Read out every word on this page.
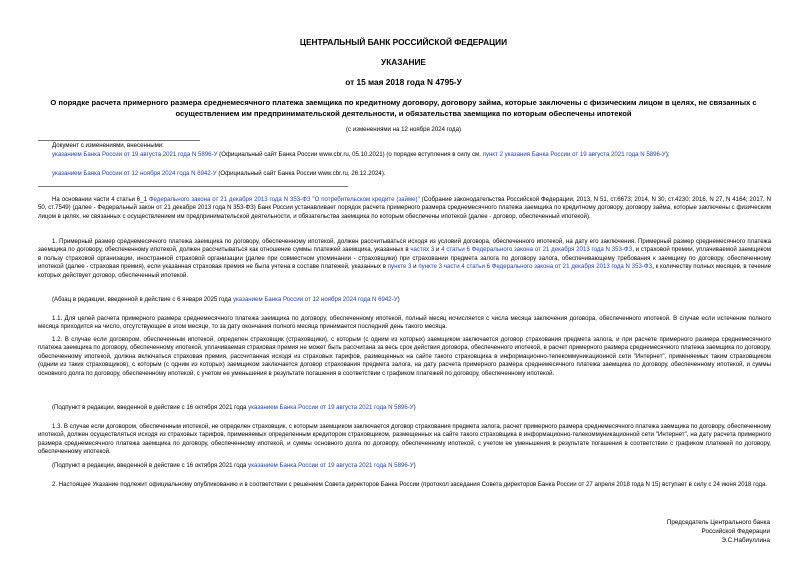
ЦЕНТРАЛЬНЫЙ БАНК РОССИЙСКОЙ ФЕДЕРАЦИИ
УКАЗАНИЕ
от 15 мая 2018 года N 4795-У
О порядке расчета примерного размера среднемесячного платежа заемщика по кредитному договору, договору займа, которые заключены с физическим лицом в целях, не связанных с осуществлением им предпринимательской деятельности, и обязательства заемщика по которым обеспечены ипотекой
(с изменениями на 12 ноября 2024 года)
Документ с изменениями, внесенными:
указанием Банка России от 19 августа 2021 года N 5896-У (Официальный сайт Банка России www.cbr.ru, 05.10.2021) (о порядке вступления в силу см. пункт 2 указания Банка России от 19 августа 2021 года N 5896-У);
указанием Банка России от 12 ноября 2024 года N 6942-У (Официальный сайт Банка России www.cbr.ru, 26.12.2024).
На основании части 4 статьи 6_1 Федерального закона от 21 декабря 2013 года N 353-ФЗ "О потребительском кредите (займе)" (Собрание законодательства Российской Федерации, 2013, N 51, ст.6673; 2014, N 30, ст.4230; 2016, N 27, N 4164; 2017, N 50, ст.7549) (далее - Федеральный закон от 21 декабря 2013 года N 353-ФЗ) Банк России устанавливает порядок расчета примерного размера среднемесячного платежа заемщика по кредитному договору, договору займа, которые заключены с физическим лицом в целях, не связанных с осуществлением им предпринимательской деятельности, и обязательства заемщика по которым обеспечены ипотекой (далее - договор, обеспеченный ипотекой).
1. Примерный размер среднемесячного платежа заемщика по договору, обеспеченному ипотекой, должен рассчитываться исходя из условий договора, обеспеченного ипотекой, на дату его заключения. Примерный размер среднемесячного платежа заемщика по договору, обеспеченному ипотекой, должен рассчитываться как отношение суммы платежей заемщика, указанных в частях 3 и 4 статьи 6 Федерального закона от 21 декабря 2013 года N 353-ФЗ, и страховой премии, уплачиваемой заемщиком в пользу страховой организации, иностранной страховой организации (далее при совместном упоминании - страховщики) при страховании предмета залога по договору залога, обеспечивающему требования к заемщику по договору, обеспеченному ипотекой (далее - страховая премия), если указанная страховая премия не была учтена в составе платежей, указанных в пункте 3 и пункте 3 части 4 статьи 6 Федерального закона от 21 декабря 2013 года N 353-ФЗ, к количеству полных месяцев, в течение которых действует договор, обеспеченный ипотекой.
(Абзац в редакции, введенной в действие с 6 января 2025 года указанием Банка России от 12 ноября 2024 года N 6942-У)
1.1. Для целей расчета примерного размера среднемесячного платежа заемщика по договору, обеспеченному ипотекой, полный месяц исчисляется с числа месяца заключения договора, обеспеченного ипотекой. В случае если истечение полного месяца приходится на число, отсутствующее в этом месяце, то за дату окончания полного месяца принимается последний день такого месяца.
1.2. В случае если договором, обеспеченным ипотекой, определен страховщик (страховщики), с которым (с одним из которых) заемщиком заключается договор страхования предмета залога, и при расчете примерного размера среднемесячного платежа заемщика по договору, обеспеченному ипотекой, уплачиваемая страховая премия не может быть рассчитана за весь срок действия договора, обеспеченного ипотекой, в расчет примерного размера среднемесячного платежа заемщика по договору, обеспеченному ипотекой, должна включаться страховая премия, рассчитанная исходя из страховых тарифов, размещенных на сайте такого страховщика в информационно-телекоммуникационной сети "Интернет", применяемых таким страховщиком (одним из таких страховщиков), с которым (с одним из которых) заемщиком заключается договор страхования предмета залога, на дату расчета примерного размера среднемесячного платежа заемщика по договору, обеспеченному ипотекой, и суммы основного долга по договору, обеспеченному ипотекой, с учетом ее уменьшения в результате погашения в соответствии с графиком платежей по договору, обеспеченному ипотекой.
(Подпункт в редакции, введенной в действие с 16 октября 2021 года указанием Банка России от 19 августа 2021 года N 5896-У)
1.3. В случае если договором, обеспеченным ипотекой, не определен страховщик, с которым заемщиком заключается договор страхования предмета залога, расчет примерного размера среднемесячного платежа заемщика по договору, обеспеченному ипотекой, должен осуществляться исходя из страховых тарифов, применяемых определенным кредитором страховщиком, размещенных на сайте такого страховщика в информационно-телекоммуникационной сети "Интернет", на дату расчета примерного размера среднемесячного платежа заемщика по договору, обеспеченному ипотекой, и суммы основного долга по договору, обеспеченному ипотекой, с учетом ее уменьшения в результате погашения в соответствии с графиком платежей по договору, обеспеченному ипотекой.
(Подпункт в редакции, введенной в действие с 16 октября 2021 года указанием Банка России от 19 августа 2021 года N 5896-У)
2. Настоящее Указание подлежит официальному опубликованию и в соответствии с решением Совета директоров Банка России (протокол заседания Совета директоров Банка России от 27 апреля 2018 года N 15) вступает в силу с 24 июня 2018 года.
Председатель Центрального банка
Российской Федерации
Э.С.Набиуллина
